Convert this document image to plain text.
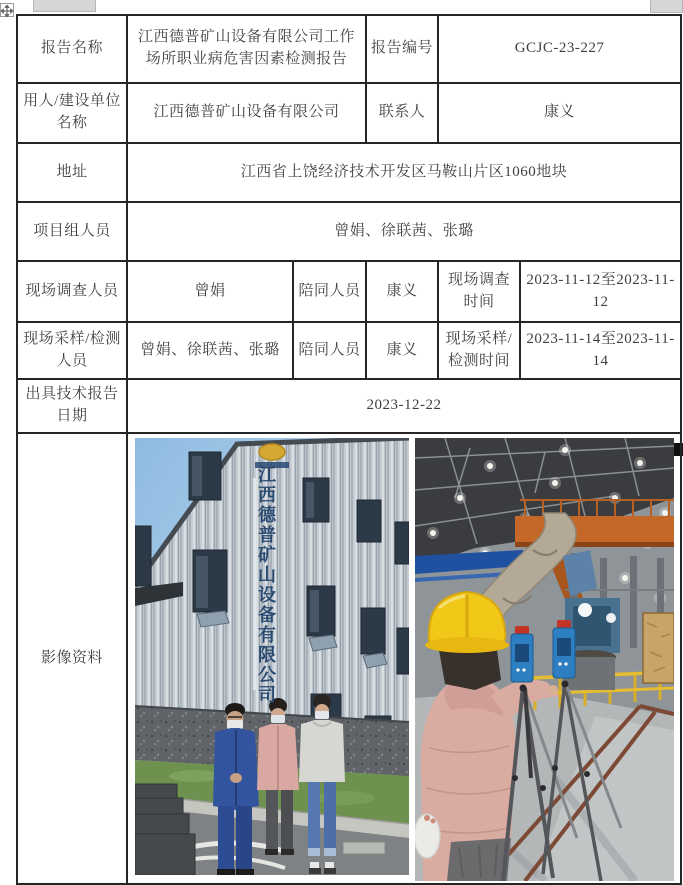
报告名称	江西德普矿山设备有限公司工作场所职业病危害因素检测报告		报告编号	GCJC-23-227	
用人/建设单位名称	江西德普矿山设备有限公司		联系人	康义	
地址	江西省上饶经济技术开发区马鞍山片区1060地块				
项目组人员	曾娟、徐联茜、张璐				
现场调查人员	曾娟	陪同人员	康义	现场调查时间	2023-11-12至2023-11-12
现场采样/检测人员	曾娟、徐联茜、张璐	陪同人员	康义	现场采样/检测时间	2023-11-14至2023-11-14
出具技术报告日期	2023-12-22				
影像资料	江西德普矿山设备有限公司				
